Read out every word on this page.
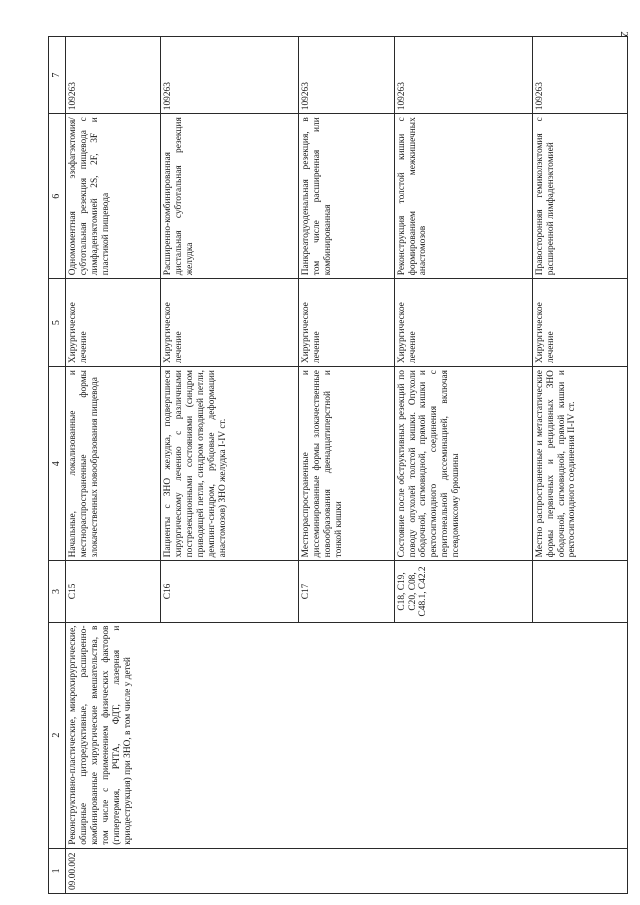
2
1	2	3	4	5	6	7
09.00.002	Реконструктивно-пластические, микрохирургические, обширные циторедуктивные, расширенно-комбинированные хирургические вмешательства, в том числе с применением физических факторов (гипертермия, РЧТА, ФДТ, лазерная и криодеструкция) при ЗНО, в том числе у детей	C15	Начальные, локализованные и местнораспространенные формы злокачественных новообразования пищевода	Хирургическое лечение	Одномоментная эзофагэктомия/ субтотальная резекция пищевода с лимфаденэктомией 2S, 2F, 3F и пластикой пищевода	109263
		C16	Пациенты с ЗНО желудка, подвергшиеся хирургическому лечению с различными пострезекционными состояниями (синдром приводящей петли, синдром отводящей петли, демпинг-синдром, рубцовые деформации анастомозов) ЗНО желудка I-IV ст.	Хирургическое лечение	Расширенно-комбинированная дистальная субтотальная резекция желудка	109263
		C17	Местнораспространенные и диссеминированные формы злокачественные новообразования двенадцатиперстной и тонкой кишки	Хирургическое лечение	Панкреатодуоденальная резекция, в том числе расширенная или комбинированная	109263
		C18, C19, C20, C08, C48.1, C42.2	Состояние после обструктивных резекций по поводу опухолей толстой кишки. Опухоли ободочной, сигмовидной, прямой кишки и ректосигмоидного соединения с перитонеальной диссеминацией, включая псевдомиксому брюшины	Хирургическое лечение	Реконструкция толстой кишки с формированием межкишечных анастомозов	109263
			Местно распространенные и метастатические формы первичных и рецидивных ЗНО ободочной, сигмовидной, прямой кишки и ректосигмоидного соединения II-IV ст.	Хирургическое лечение	Правосторонняя гемиколэктомия с расширенной лимфаденэктомией	109263
